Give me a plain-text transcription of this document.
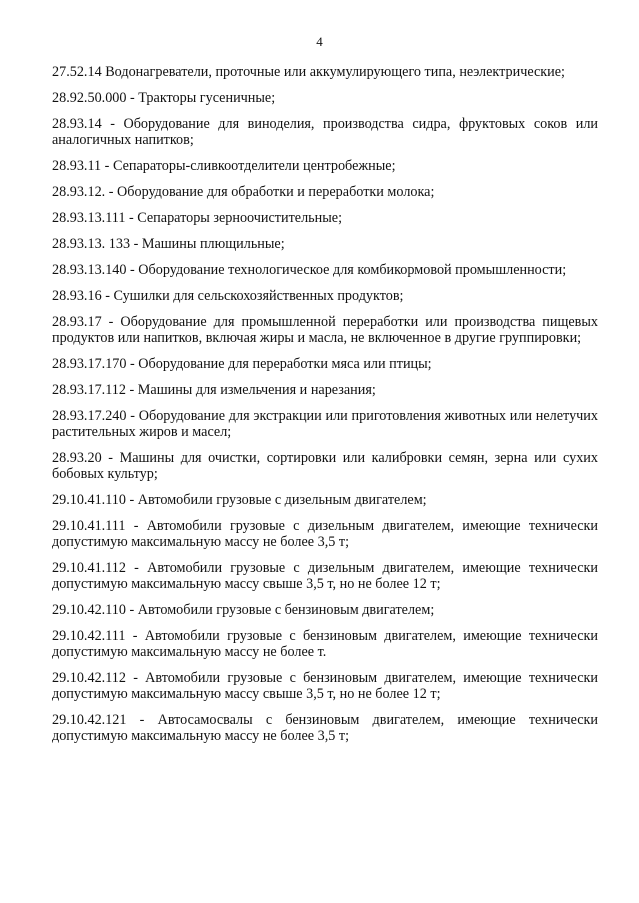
4

27.52.14 Водонагреватели, проточные или аккумулирующего типа, неэлектрические;

28.92.50.000 - Тракторы гусеничные;

28.93.14 - Оборудование для виноделия, производства сидра, фруктовых соков или аналогичных напитков;

28.93.11 - Сепараторы-сливкоотделители центробежные;

28.93.12. - Оборудование для обработки и переработки молока;

28.93.13.111 - Сепараторы зерноочистительные;

28.93.13. 133 - Машины плющильные;

28.93.13.140 - Оборудование технологическое для комбикормовой промышленности;

28.93.16 - Сушилки для сельскохозяйственных продуктов;

28.93.17 - Оборудование для промышленной переработки или производства пищевых продуктов или напитков, включая жиры и масла, не включенное в другие группировки;

28.93.17.170 - Оборудование для переработки мяса или птицы;

28.93.17.112 - Машины для измельчения и нарезания;

28.93.17.240 - Оборудование для экстракции или приготовления животных или нелетучих растительных жиров и масел;

28.93.20 - Машины для очистки, сортировки или калибровки семян, зерна или сухих бобовых культур;

29.10.41.110 - Автомобили грузовые с дизельным двигателем;

29.10.41.111 - Автомобили грузовые с дизельным двигателем, имеющие технически допустимую максимальную массу не более 3,5 т;

29.10.41.112 - Автомобили грузовые с дизельным двигателем, имеющие технически допустимую максимальную массу свыше 3,5 т, но не более 12 т;

29.10.42.110 - Автомобили грузовые с бензиновым двигателем;

29.10.42.111 - Автомобили грузовые с бензиновым двигателем, имеющие технически допустимую максимальную массу не более т.

29.10.42.112 - Автомобили грузовые с бензиновым двигателем, имеющие технически допустимую максимальную массу свыше 3,5 т, но не более 12 т;

29.10.42.121 - Автосамосвалы с бензиновым двигателем, имеющие технически допустимую максимальную массу не более 3,5 т;
